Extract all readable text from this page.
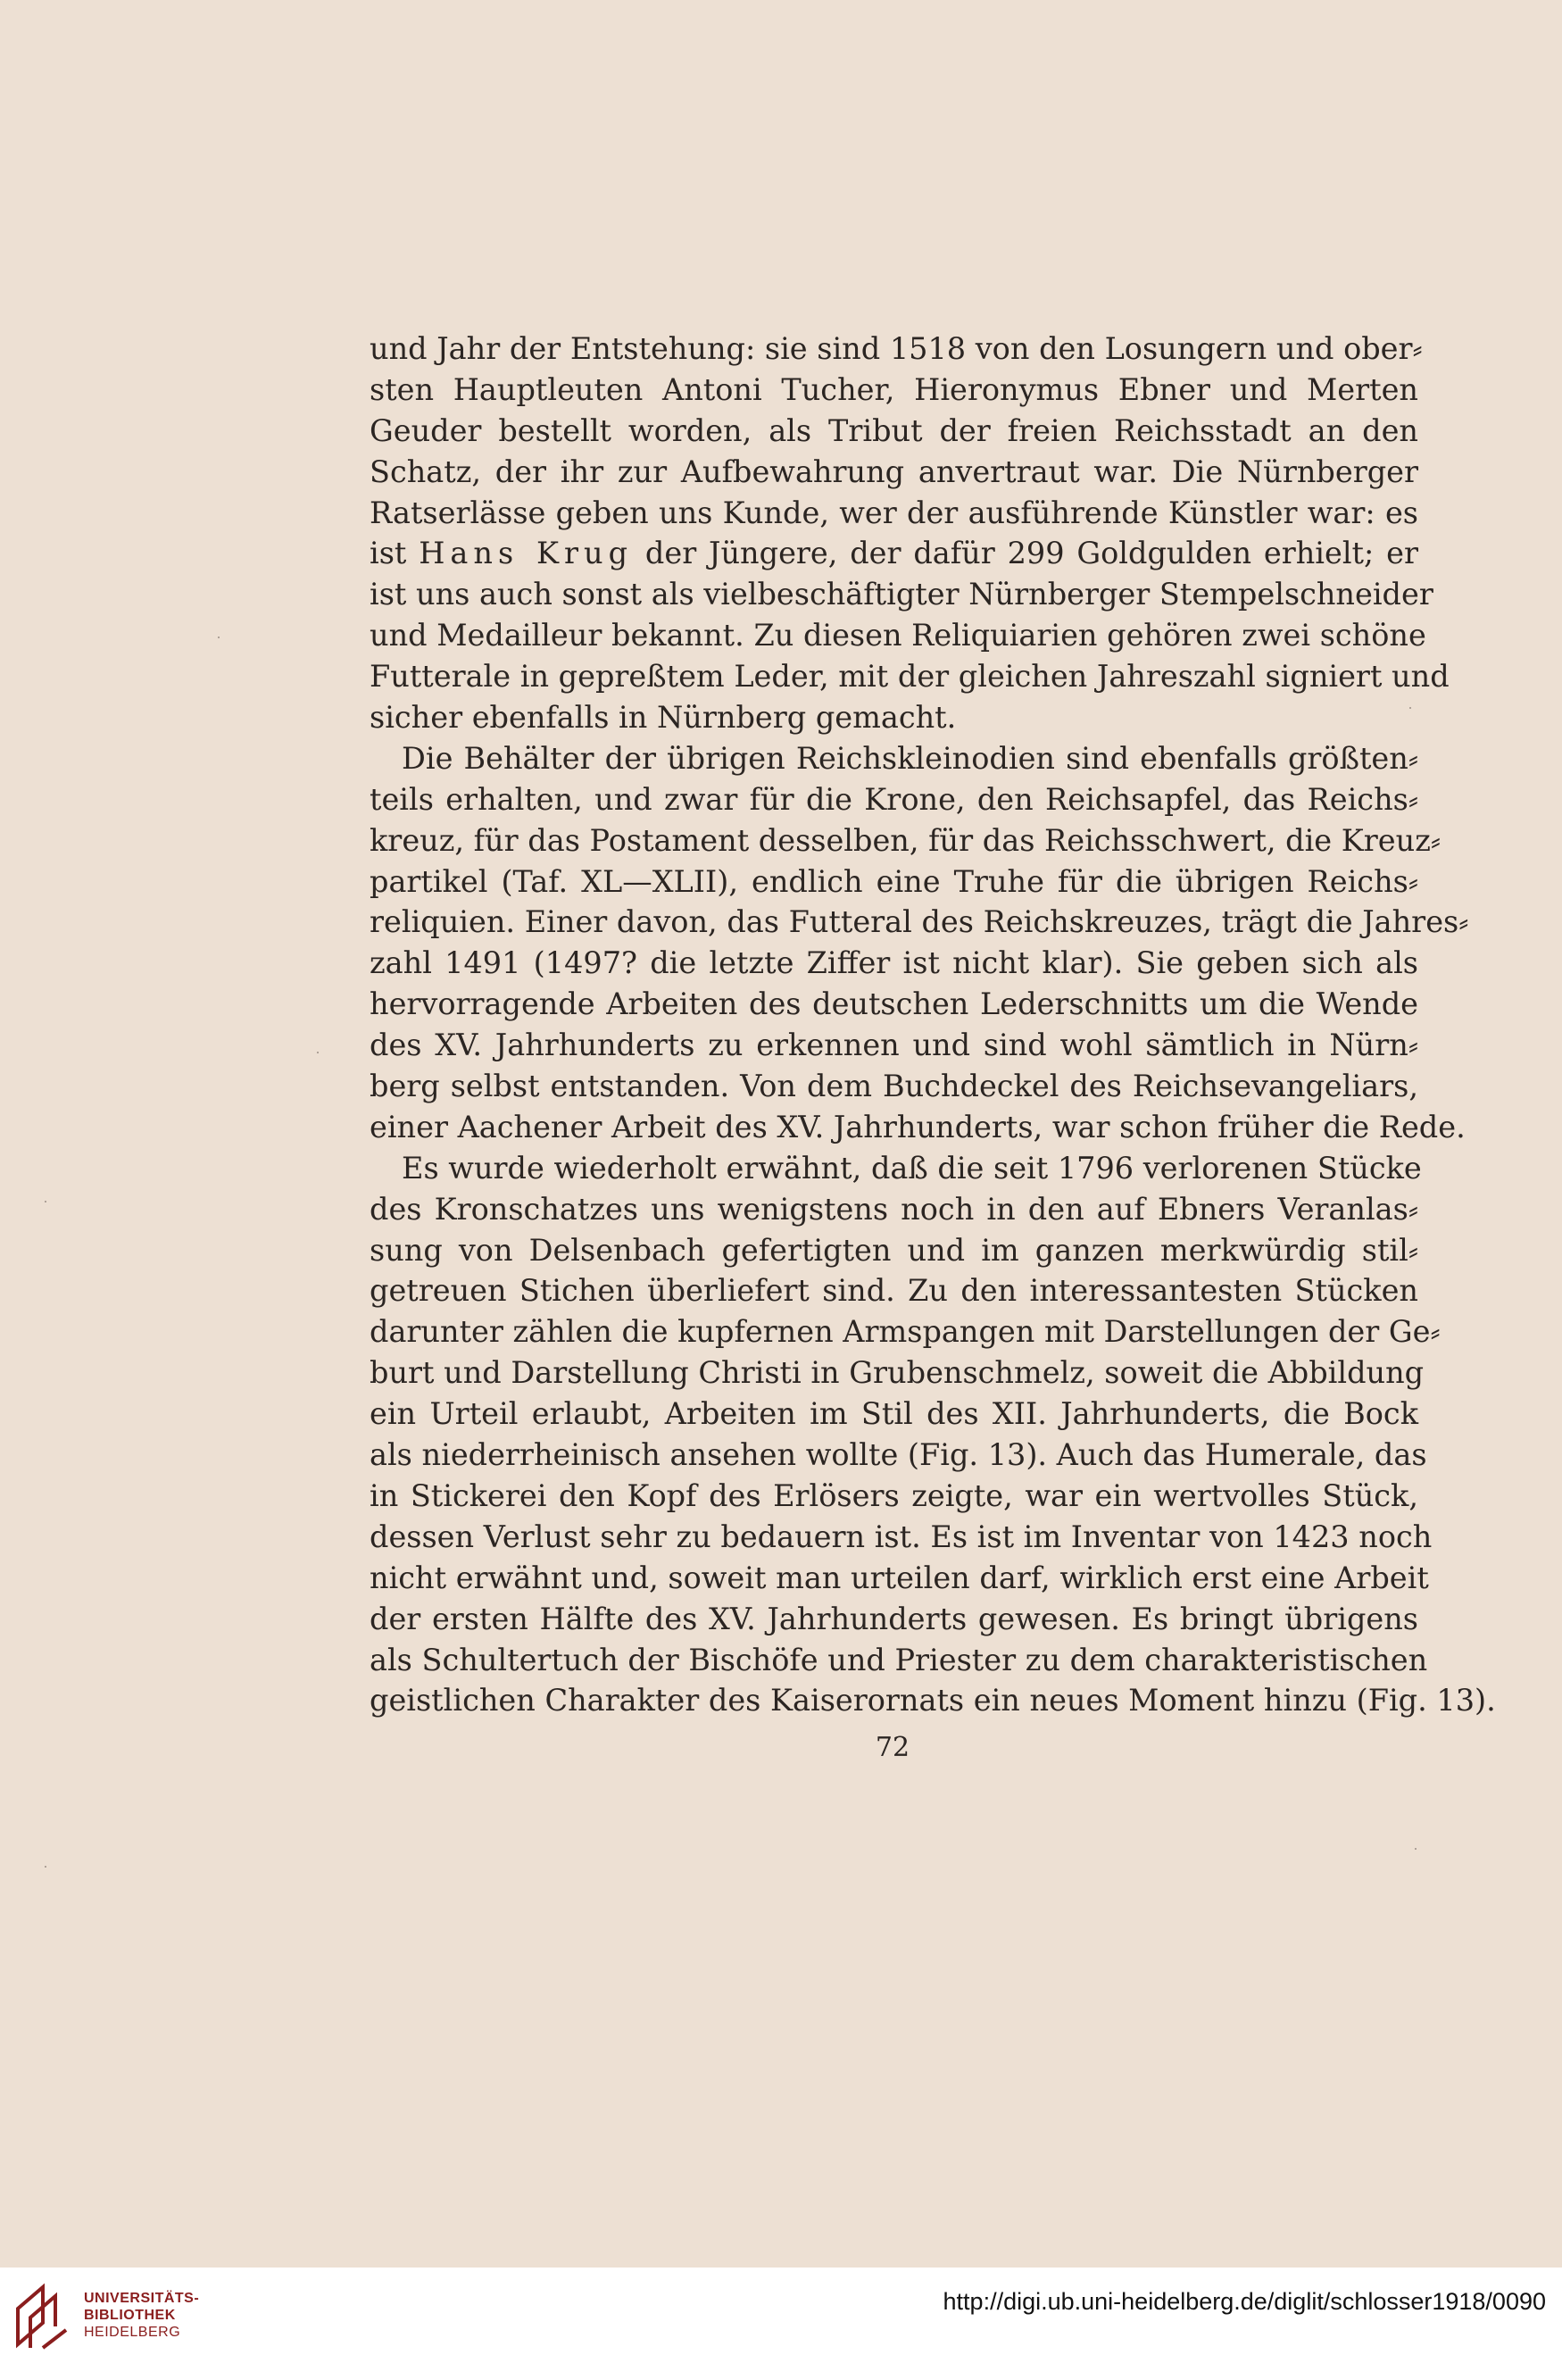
und Jahr der Entstehung: sie sind 1518 von den Losungern und ober⸗
sten Hauptleuten Antoni Tucher, Hieronymus Ebner und Merten
Geuder bestellt worden, als Tribut der freien Reichsstadt an den
Schatz, der ihr zur Aufbewahrung anvertraut war. Die Nürnberger
Ratserlässe geben uns Kunde, wer der ausführende Künstler war: es
ist Hans Krug der Jüngere, der dafür 299 Goldgulden erhielt; er
ist uns auch sonst als vielbeschäftigter Nürnberger Stempelschneider
und Medailleur bekannt. Zu diesen Reliquiarien gehören zwei schöne
Futterale in gepreßtem Leder, mit der gleichen Jahreszahl signiert und
sicher ebenfalls in Nürnberg gemacht.
Die Behälter der übrigen Reichskleinodien sind ebenfalls größten⸗
teils erhalten, und zwar für die Krone, den Reichsapfel, das Reichs⸗
kreuz, für das Postament desselben, für das Reichsschwert, die Kreuz⸗
partikel (Taf. XL—XLII), endlich eine Truhe für die übrigen Reichs⸗
reliquien. Einer davon, das Futteral des Reichskreuzes, trägt die Jahres⸗
zahl 1491 (1497? die letzte Ziffer ist nicht klar). Sie geben sich als
hervorragende Arbeiten des deutschen Lederschnitts um die Wende
des XV. Jahrhunderts zu erkennen und sind wohl sämtlich in Nürn⸗
berg selbst entstanden. Von dem Buchdeckel des Reichsevangeliars,
einer Aachener Arbeit des XV. Jahrhunderts, war schon früher die Rede.
Es wurde wiederholt erwähnt, daß die seit 1796 verlorenen Stücke
des Kronschatzes uns wenigstens noch in den auf Ebners Veranlas⸗
sung von Delsenbach gefertigten und im ganzen merkwürdig stil⸗
getreuen Stichen überliefert sind. Zu den interessantesten Stücken
darunter zählen die kupfernen Armspangen mit Darstellungen der Ge⸗
burt und Darstellung Christi in Grubenschmelz, soweit die Abbildung
ein Urteil erlaubt, Arbeiten im Stil des XII. Jahrhunderts, die Bock
als niederrheinisch ansehen wollte (Fig. 13). Auch das Humerale, das
in Stickerei den Kopf des Erlösers zeigte, war ein wertvolles Stück,
dessen Verlust sehr zu bedauern ist. Es ist im Inventar von 1423 noch
nicht erwähnt und, soweit man urteilen darf, wirklich erst eine Arbeit
der ersten Hälfte des XV. Jahrhunderts gewesen. Es bringt übrigens
als Schultertuch der Bischöfe und Priester zu dem charakteristischen
geistlichen Charakter des Kaiserornats ein neues Moment hinzu (Fig. 13).
72
UNIVERSITÄTS-
BIBLIOTHEK
HEIDELBERG
http://digi.ub.uni-heidelberg.de/diglit/schlosser1918/0090
